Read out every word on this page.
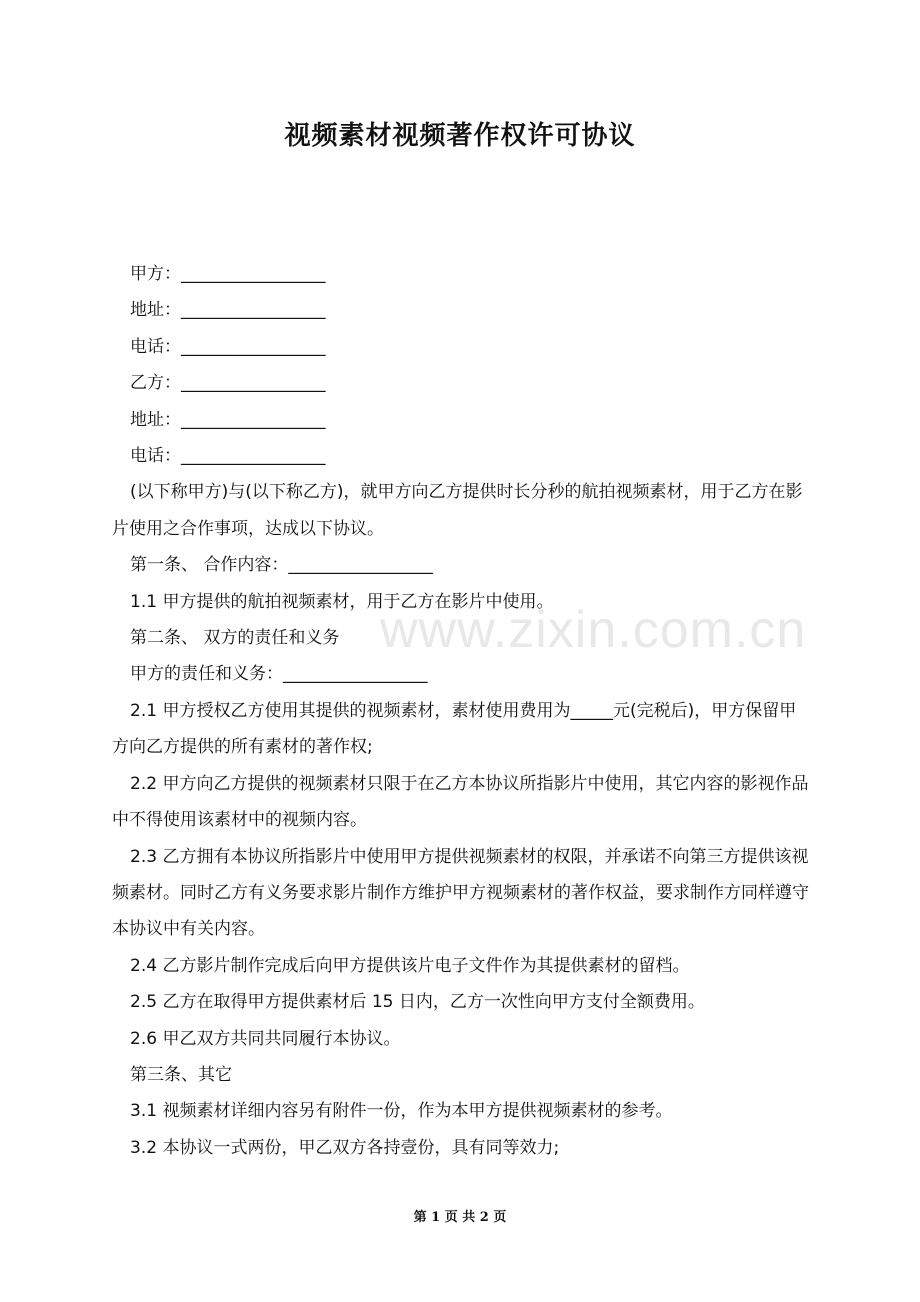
视频素材视频著作权许可协议

甲方：_________________

地址：_________________

电话：_________________

乙方：_________________

地址：_________________

电话：_________________

(以下称甲方)与(以下称乙方)，就甲方向乙方提供时长分秒的航拍视频素材，用于乙方在影片使用之合作事项，达成以下协议。

第一条、 合作内容：_________________

1.1 甲方提供的航拍视频素材，用于乙方在影片中使用。

第二条、 双方的责任和义务

甲方的责任和义务：_________________

2.1 甲方授权乙方使用其提供的视频素材，素材使用费用为_____元(完税后)，甲方保留甲方向乙方提供的所有素材的著作权;

2.2 甲方向乙方提供的视频素材只限于在乙方本协议所指影片中使用，其它内容的影视作品中不得使用该素材中的视频内容。

2.3 乙方拥有本协议所指影片中使用甲方提供视频素材的权限，并承诺不向第三方提供该视频素材。同时乙方有义务要求影片制作方维护甲方视频素材的著作权益，要求制作方同样遵守本协议中有关内容。

2.4 乙方影片制作完成后向甲方提供该片电子文件作为其提供素材的留档。

2.5 乙方在取得甲方提供素材后 15 日内，乙方一次性向甲方支付全额费用。

2.6 甲乙双方共同共同履行本协议。

第三条、其它

3.1 视频素材详细内容另有附件一份，作为本甲方提供视频素材的参考。

3.2 本协议一式两份，甲乙双方各持壹份，具有同等效力;

www.zixin.com.cn
第 1 页 共 2 页
